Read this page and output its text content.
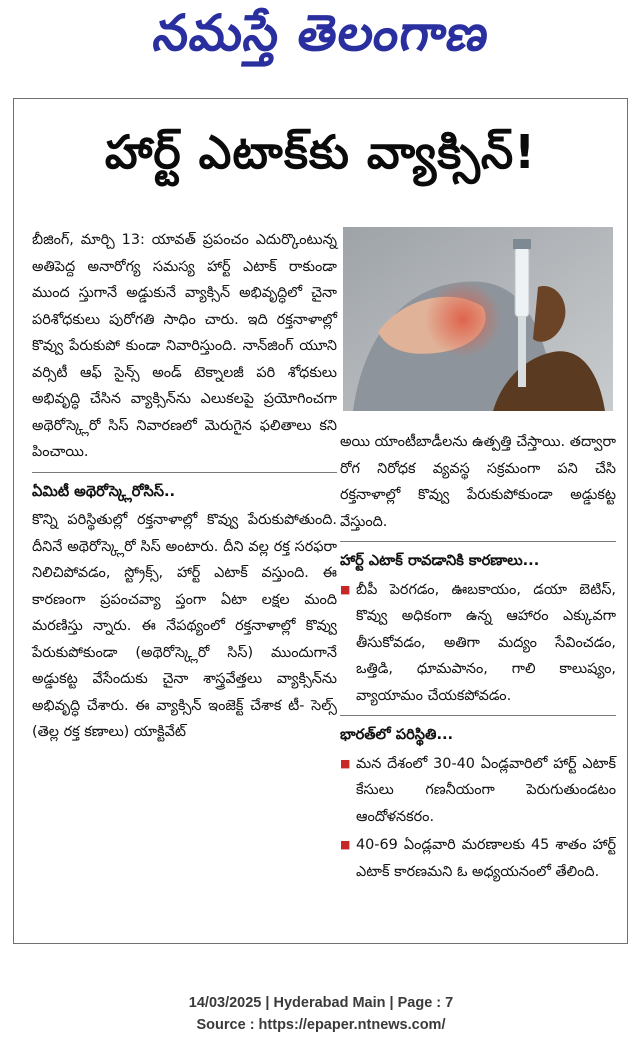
నమస్తే తెలంగాణ
హార్ట్ ఎటాక్‌కు వ్యాక్సిన్!

బీజింగ్, మార్చి 13: యావత్ ప్రపంచం ఎదుర్కొంటున్న అతిపెద్ద అనారోగ్య సమస్య హార్ట్ ఎటాక్ రాకుండా ముంద స్తుగానే అడ్డుకునే వ్యాక్సిన్ అభివృద్ధిలో చైనా పరిశోధకులు పురోగతి సాధిం చారు. ఇది రక్తనాళాల్లో కొవ్వు పేరుకుపో కుండా నివారిస్తుంది. నాన్‌జింగ్ యూని వర్సిటీ ఆఫ్ సైన్స్ అండ్ టెక్నాలజీ పరి శోధకులు అభివృద్ధి చేసిన వ్యాక్సిన్‌ను ఎలుకలపై ప్రయోగించగా అథెరోస్క్లెరో సిస్ నివారణలో మెరుగైన ఫలితాలు కని పించాయి.

ఏమిటీ అథెరోస్క్లెరోసిస్..

కొన్ని పరిస్థితుల్లో రక్తనాళాల్లో కొవ్వు పేరుకుపోతుంది. దీనినే అథెరోస్క్లెరో సిస్ అంటారు. దీని వల్ల రక్త సరఫరా నిలిచిపోవడం, స్ట్రోక్స్, హార్ట్ ఎటాక్ వస్తుంది. ఈ కారణంగా ప్రపంచవ్యా ప్తంగా ఏటా లక్షల మంది మరణిస్తు న్నారు. ఈ నేపథ్యంలో రక్తనాళాల్లో కొవ్వు పేరుకుపోకుండా (అథెరోస్క్లెరో సిస్) ముందుగానే అడ్డుకట్ట వేసేందుకు చైనా శాస్త్రవేత్తలు వ్యాక్సిన్‌ను అభివృద్ధి చేశారు. ఈ వ్యాక్సిన్ ఇంజెక్ట్ చేశాక టీ- సెల్స్ (తెల్ల రక్త కణాలు) యాక్టివేట్

అయి యాంటీబాడీలను ఉత్పత్తి చేస్తాయి. తద్వారా రోగ నిరోధక వ్యవస్థ సక్రమంగా పని చేసి రక్తనాళాల్లో కొవ్వు పేరుకుపోకుండా అడ్డుకట్ట వేస్తుంది.

హార్ట్ ఎటాక్ రావడానికి కారణాలు...
■ బీపీ పెరగడం, ఊబకాయం, డయా బెటిస్, కొవ్వు అధికంగా ఉన్న ఆహారం ఎక్కువగా తీసుకోవడం, అతిగా మద్యం సేవించడం, ఒత్తిడి, ధూమపానం, గాలి కాలుష్యం, వ్యాయామం చేయకపోవడం.
భారత్‌లో పరిస్థితి...
■ మన దేశంలో 30-40 ఏండ్లవారిలో హార్ట్ ఎటాక్ కేసులు గణనీయంగా పెరుగుతుండటం ఆందోళనకరం.
■ 40-69 ఏండ్లవారి మరణాలకు 45 శాతం హార్ట్ ఎటాక్ కారణమని ఓ అధ్యయనంలో తేలింది.
14/03/2025 | Hyderabad Main | Page : 7
Source : https://epaper.ntnews.com/
